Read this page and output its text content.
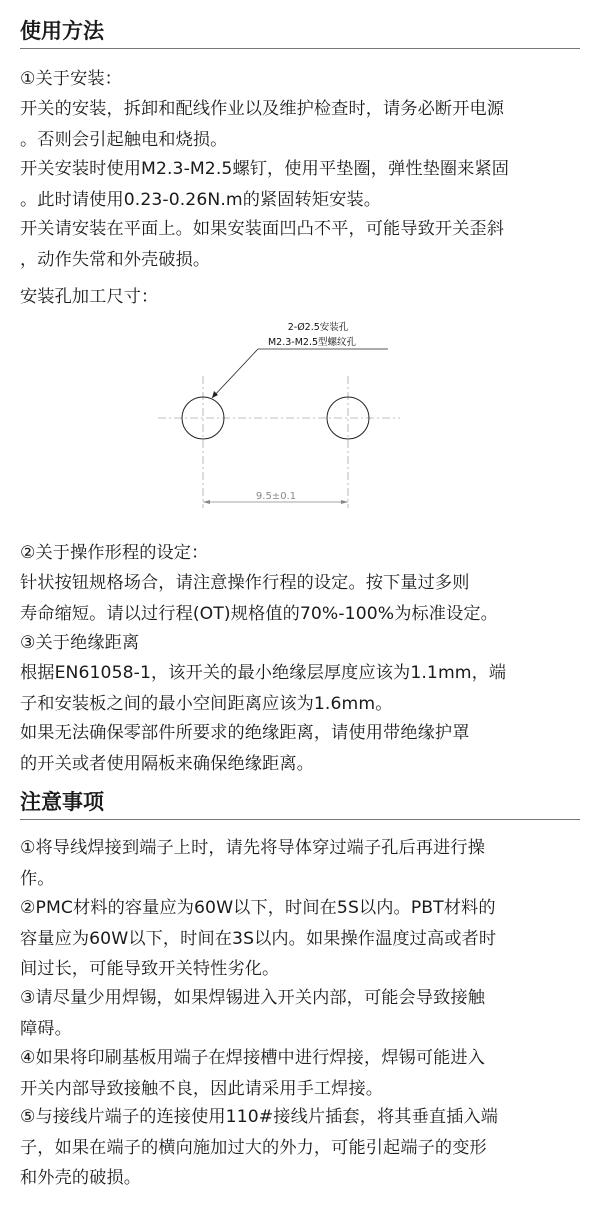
使用方法
①关于安装：
开关的安装，拆卸和配线作业以及维护检查时，请务必断开电源
。否则会引起触电和烧损。
开关安装时使用M2.3-M2.5螺钉，使用平垫圈，弹性垫圈来紧固
。此时请使用0.23-0.26N.m的紧固转矩安装。
开关请安装在平面上。如果安装面凹凸不平，可能导致开关歪斜
，动作失常和外壳破损。
安装孔加工尺寸：
2-Ø2.5安装孔
M2.3-M2.5型螺纹孔
9.5±0.1
②关于操作形程的设定：
针状按钮规格场合，请注意操作行程的设定。按下量过多则
寿命缩短。请以过行程(OT)规格值的70%-100%为标准设定。
③关于绝缘距离
根据EN61058-1，该开关的最小绝缘层厚度应该为1.1mm，端
子和安装板之间的最小空间距离应该为1.6mm。
如果无法确保零部件所要求的绝缘距离，请使用带绝缘护罩
的开关或者使用隔板来确保绝缘距离。
注意事项
①将导线焊接到端子上时，请先将导体穿过端子孔后再进行操
作。
②PMC材料的容量应为60W以下，时间在5S以内。PBT材料的
容量应为60W以下，时间在3S以内。如果操作温度过高或者时
间过长，可能导致开关特性劣化。
③请尽量少用焊锡，如果焊锡进入开关内部，可能会导致接触
障碍。
④如果将印刷基板用端子在焊接槽中进行焊接，焊锡可能进入
开关内部导致接触不良，因此请采用手工焊接。
⑤与接线片端子的连接使用110#接线片插套，将其垂直插入端
子，如果在端子的横向施加过大的外力，可能引起端子的变形
和外壳的破损。
